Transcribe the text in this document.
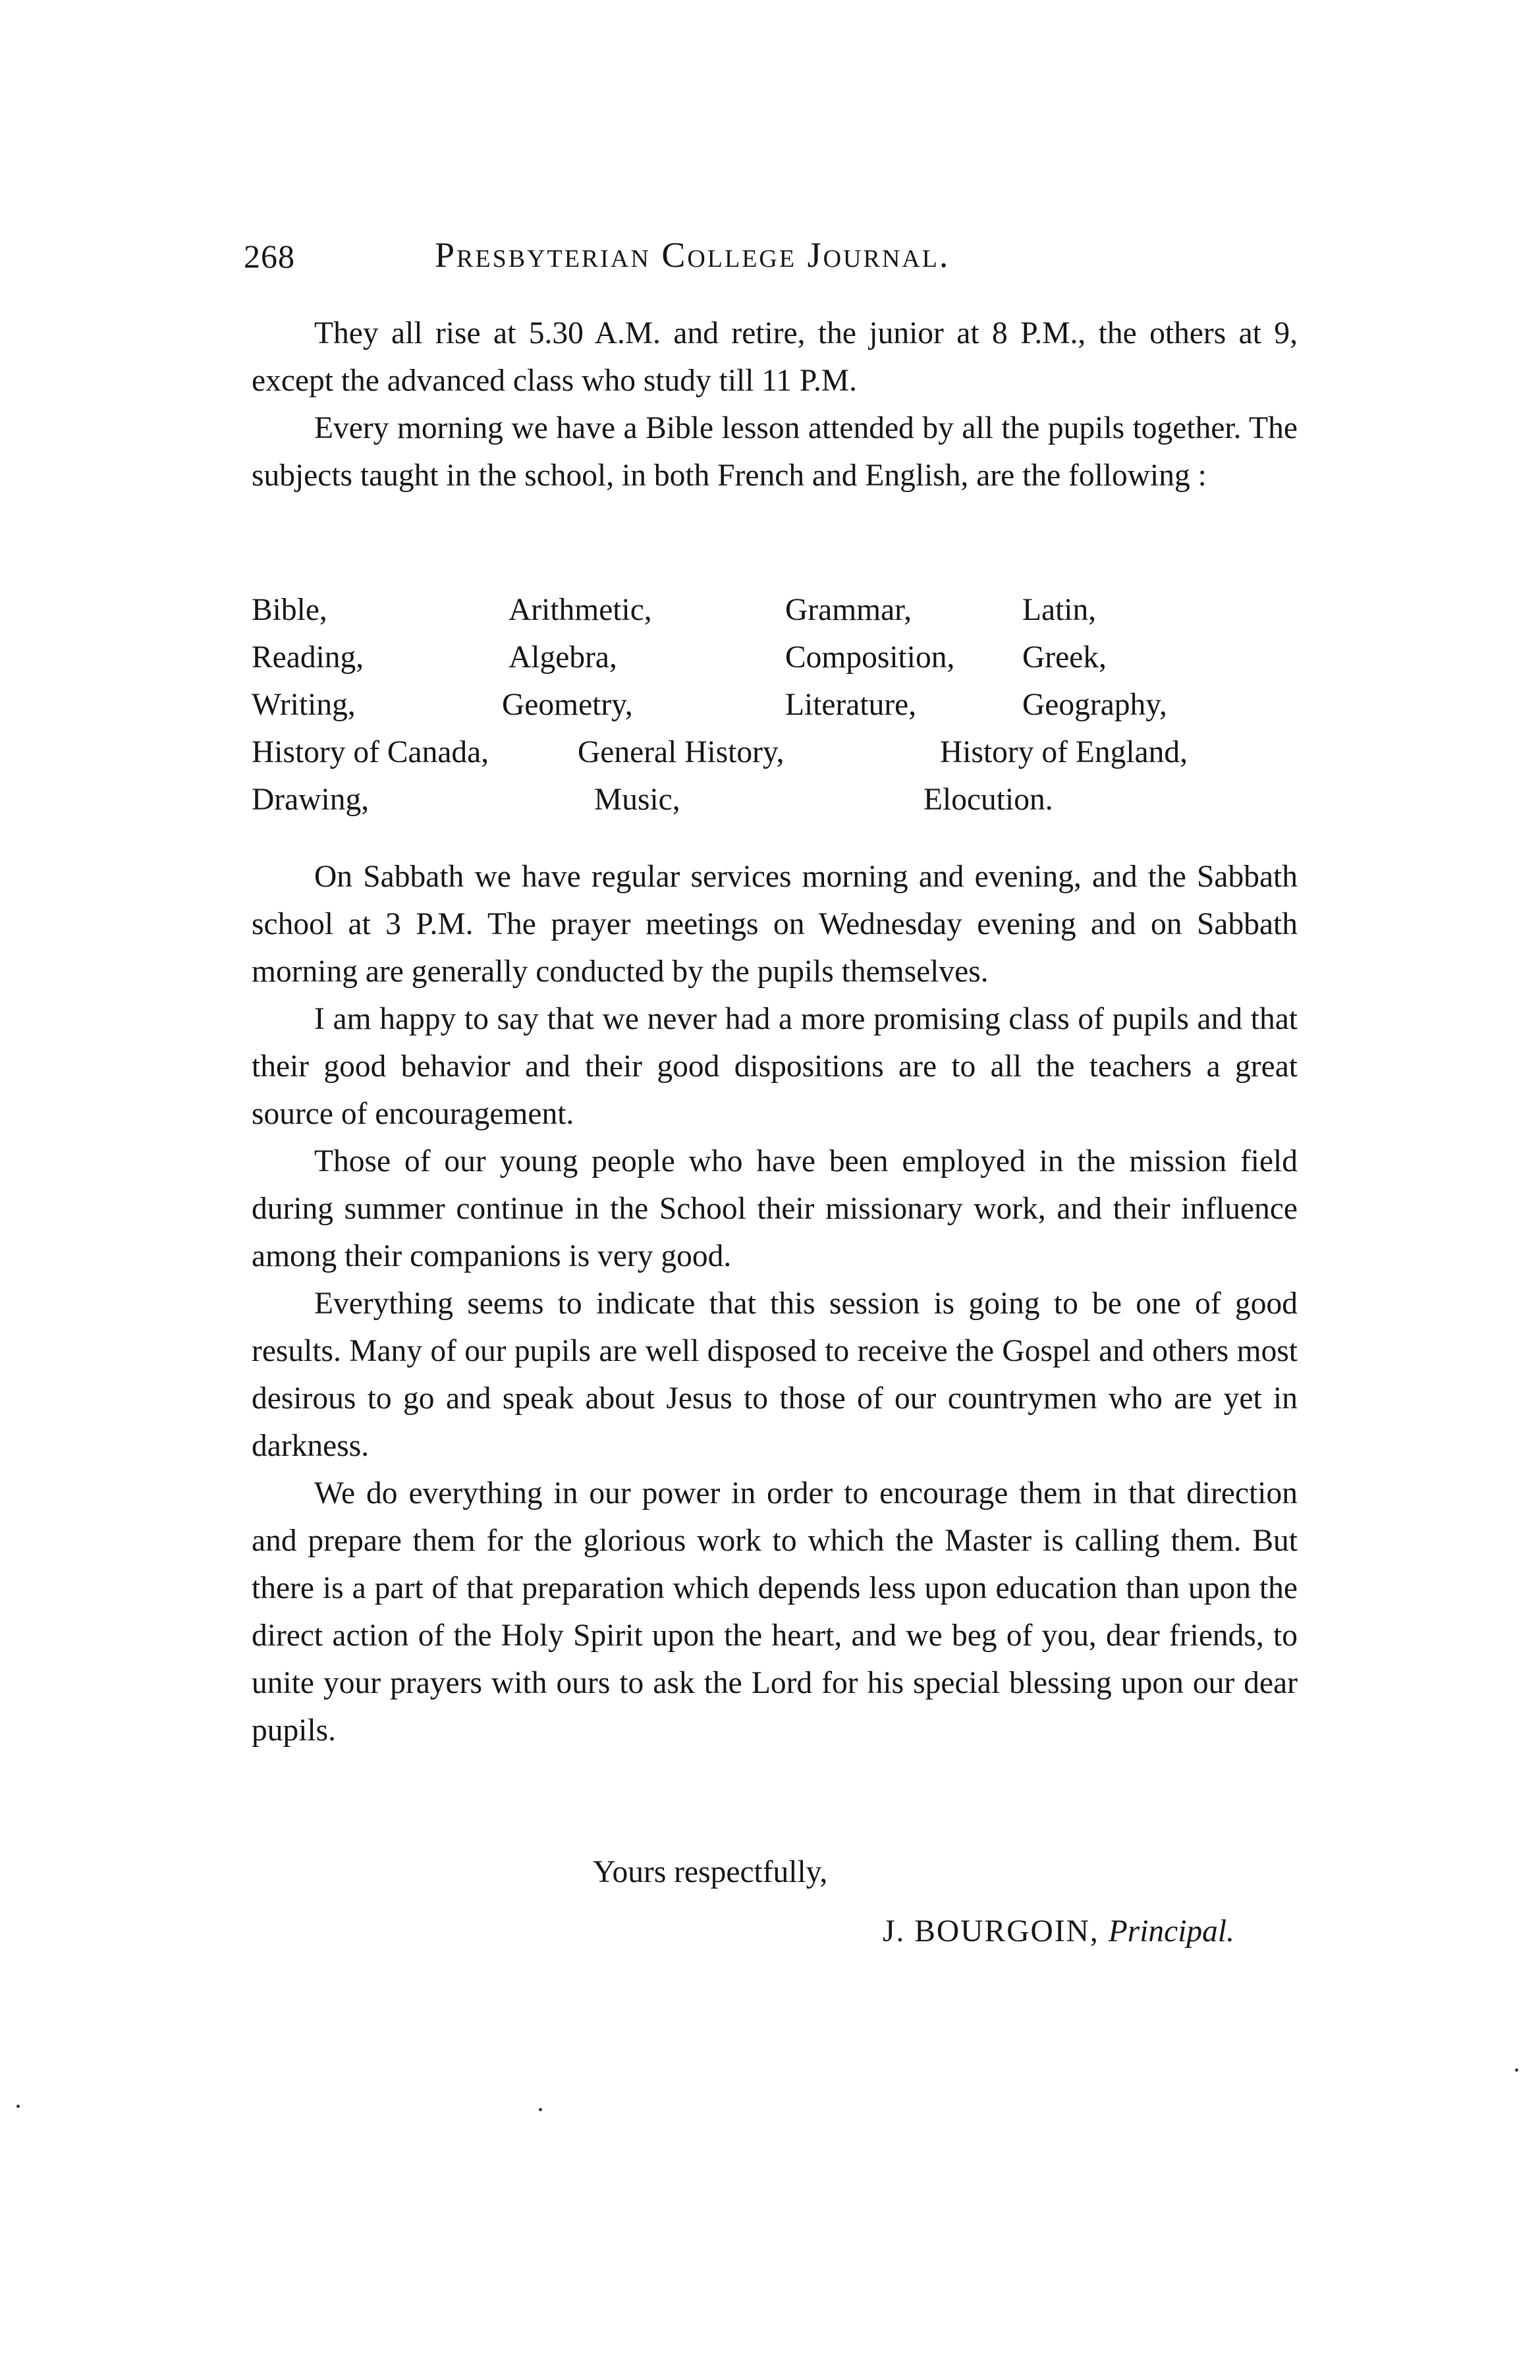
268	Presbyterian College Journal.

They all rise at 5.30 A.M. and retire, the junior at 8 P.M., the others at 9, except the advanced class who study till 11 P.M.

Every morning we have a Bible lesson attended by all the pupils together. The subjects taught in the school, in both French and English, are the following :

Bible,	Arithmetic,	Grammar,	Latin,
Reading,	Algebra,	Composition, Greek,
Writing,	Geometry,	Literature,	Geography,
History of Canada,	General History,	History of England,
Drawing,	Music,	Elocution.

On Sabbath we have regular services morning and evening, and the Sabbath school at 3 P.M. The prayer meetings on Wednesday evening and on Sabbath morning are generally conducted by the pupils themselves.

I am happy to say that we never had a more promising class of pupils and that their good behavior and their good dispositions are to all the teachers a great source of encouragement.

Those of our young people who have been employed in the mission field during summer continue in the School their missionary work, and their influence among their companions is very good.

Everything seems to indicate that this session is going to be one of good results. Many of our pupils are well disposed to receive the Gospel and others most desirous to go and speak about Jesus to those of our countrymen who are yet in darkness.

We do everything in our power in order to encourage them in that direction and prepare them for the glorious work to which the Master is calling them. But there is a part of that preparation which depends less upon education than upon the direct action of the Holy Spirit upon the heart, and we beg of you, dear friends, to unite your prayers with ours to ask the Lord for his special blessing upon our dear pupils.

Yours respectfully,
J. BOURGOIN, Principal.
